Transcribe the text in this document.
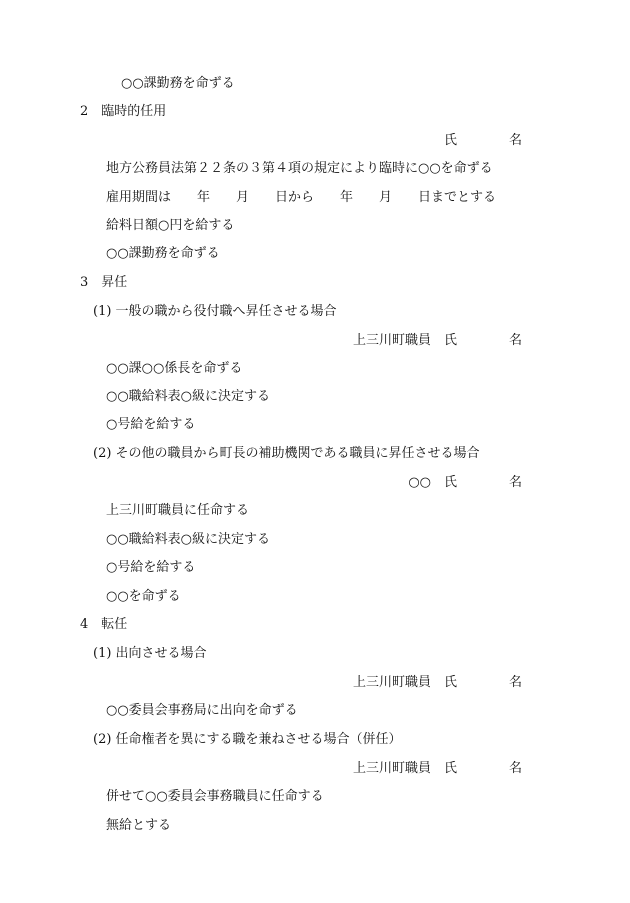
○○課勤務を命ずる
2　臨時的任用
氏　　　　名
地方公務員法第２２条の３第４項の規定により臨時に○○を命ずる
雇用期間は　　年　　月　　日から　　年　　月　　日までとする
給料日額○円を給する
○○課勤務を命ずる
3　昇任
(1) 一般の職から役付職へ昇任させる場合
上三川町職員　氏　　　　名
○○課○○係長を命ずる
○○職給料表○級に決定する
○号給を給する
(2) その他の職員から町長の補助機関である職員に昇任させる場合
○○　氏　　　　名
上三川町職員に任命する
○○職給料表○級に決定する
○号給を給する
○○を命ずる
4　転任
(1) 出向させる場合
上三川町職員　氏　　　　名
○○委員会事務局に出向を命ずる
(2) 任命権者を異にする職を兼ねさせる場合（併任）
上三川町職員　氏　　　　名
併せて○○委員会事務職員に任命する
無給とする
